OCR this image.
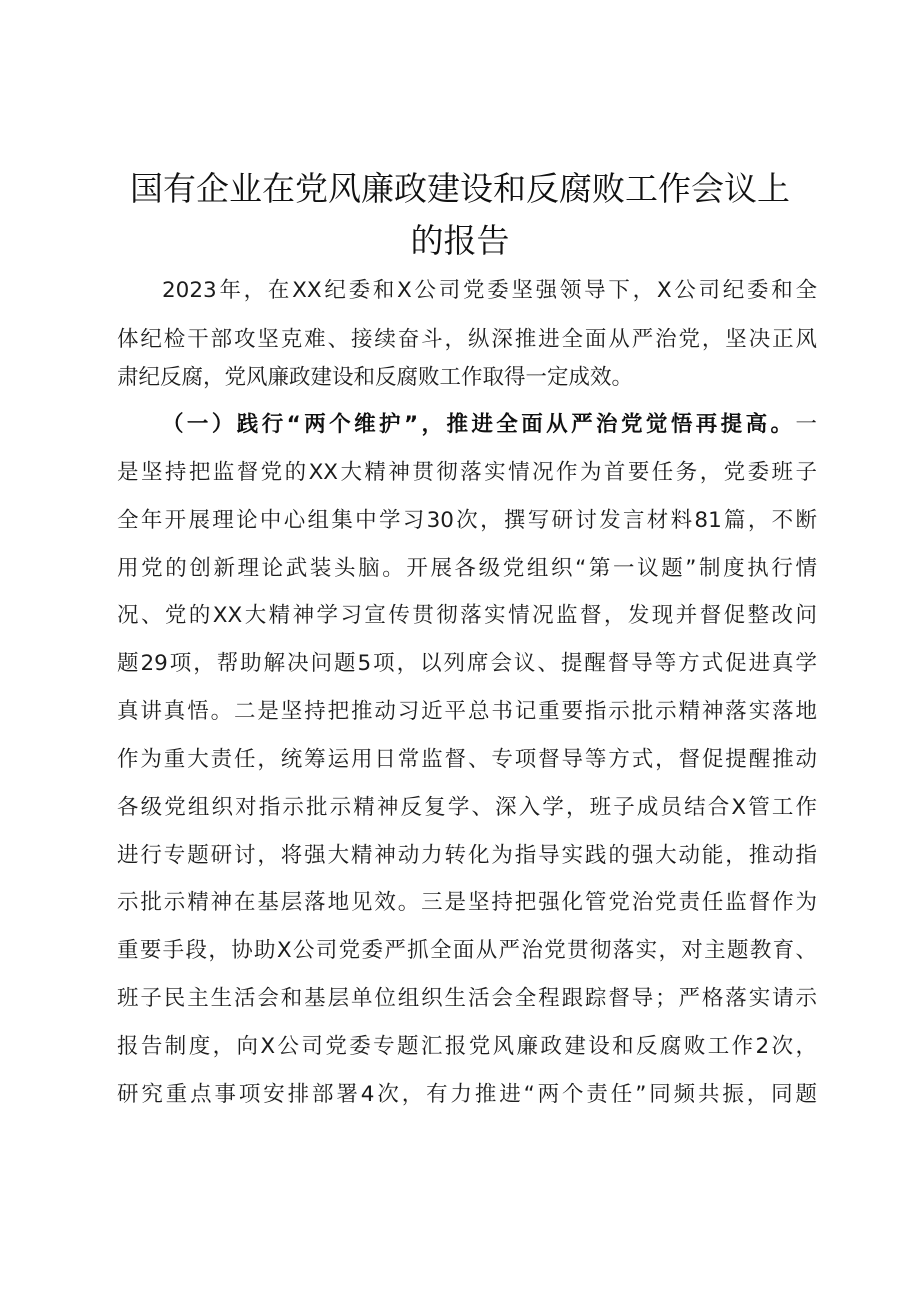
国有企业在党风廉政建设和反腐败工作会议上
的报告
2023年，在XX纪委和X公司党委坚强领导下，X公司纪委和全
体纪检干部攻坚克难、接续奋斗，纵深推进全面从严治党，坚决正风
肃纪反腐，党风廉政建设和反腐败工作取得一定成效。
（一）践行“两个维护”，推进全面从严治党觉悟再提高。一
是坚持把监督党的XX大精神贯彻落实情况作为首要任务，党委班子
全年开展理论中心组集中学习30次，撰写研讨发言材料81篇，不断
用党的创新理论武装头脑。开展各级党组织“第一议题”制度执行情
况、党的XX大精神学习宣传贯彻落实情况监督，发现并督促整改问
题29项，帮助解决问题5项，以列席会议、提醒督导等方式促进真学
真讲真悟。二是坚持把推动习近平总书记重要指示批示精神落实落地
作为重大责任，统筹运用日常监督、专项督导等方式，督促提醒推动
各级党组织对指示批示精神反复学、深入学，班子成员结合X管工作
进行专题研讨，将强大精神动力转化为指导实践的强大动能，推动指
示批示精神在基层落地见效。三是坚持把强化管党治党责任监督作为
重要手段，协助X公司党委严抓全面从严治党贯彻落实，对主题教育、
班子民主生活会和基层单位组织生活会全程跟踪督导；严格落实请示
报告制度，向X公司党委专题汇报党风廉政建设和反腐败工作2次，
研究重点事项安排部署4次，有力推进“两个责任”同频共振，同题
